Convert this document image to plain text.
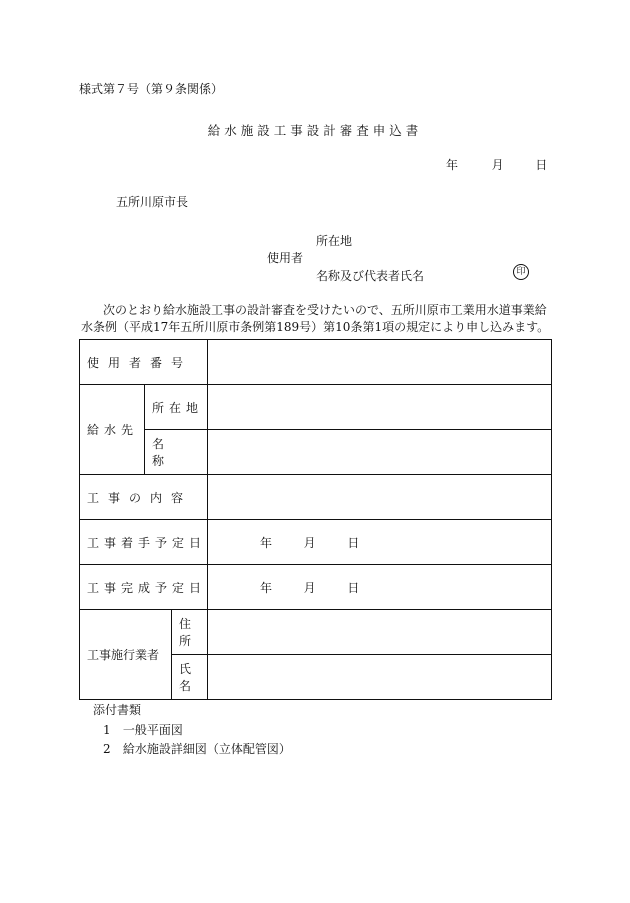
様式第７号（第９条関係）
給水施設工事設計審査申込書
年	月	日
五所川原市長
所在地
使用者
名称及び代表者氏名	印
次のとおり給水施設工事の設計審査を受けたいので、五所川原市工業用水道事業給水条例（平成17年五所川原市条例第189号）第10条第1項の規定により申し込みます。
使用者番号			
給水先	所在地		
	名称		
工事の内容			
工事着手予定日			年 月 日
工事完成予定日			年 月 日
工事施行業者		住所	
		氏名	
添付書類
1 一般平面図
2 給水施設詳細図（立体配管図）
